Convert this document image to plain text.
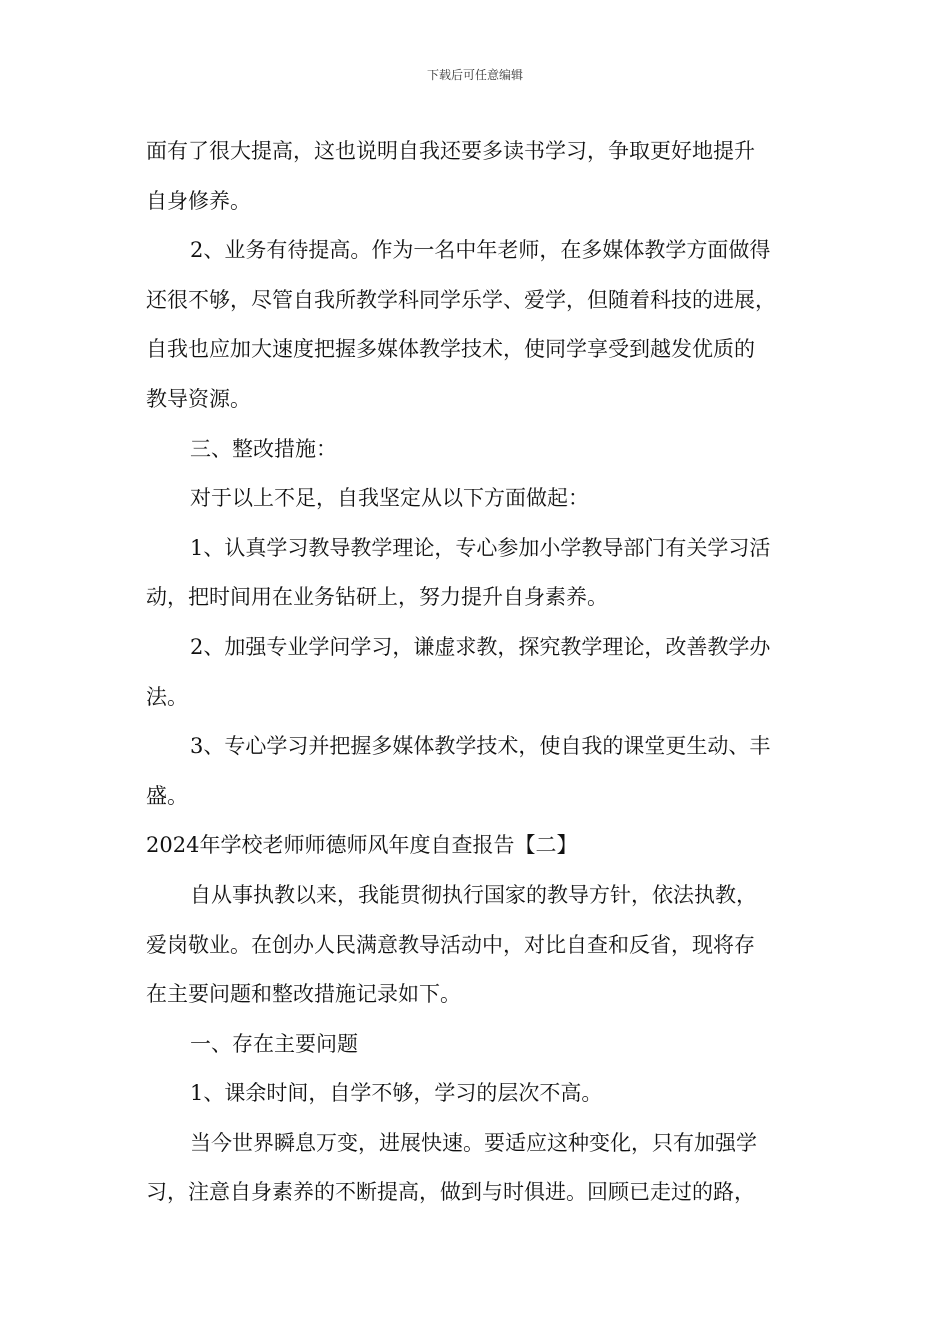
下载后可任意编辑

面有了很大提高，这也说明自我还要多读书学习，争取更好地提升

自身修养。

2、业务有待提高。作为一名中年老师，在多媒体教学方面做得

还很不够，尽管自我所教学科同学乐学、爱学，但随着科技的进展，

自我也应加大速度把握多媒体教学技术，使同学享受到越发优质的

教导资源。

三、整改措施：

对于以上不足，自我坚定从以下方面做起：

1、认真学习教导教学理论，专心参加小学教导部门有关学习活

动，把时间用在业务钻研上，努力提升自身素养。

2、加强专业学问学习，谦虚求教，探究教学理论，改善教学办

法。

3、专心学习并把握多媒体教学技术，使自我的课堂更生动、丰

盛。

2024年学校老师师德师风年度自查报告【二】

自从事执教以来，我能贯彻执行国家的教导方针，依法执教，

爱岗敬业。在创办人民满意教导活动中，对比自查和反省，现将存

在主要问题和整改措施记录如下。

一、存在主要问题

1、课余时间，自学不够，学习的层次不高。

当今世界瞬息万变，进展快速。要适应这种变化，只有加强学

习，注意自身素养的不断提高，做到与时俱进。回顾已走过的路，
